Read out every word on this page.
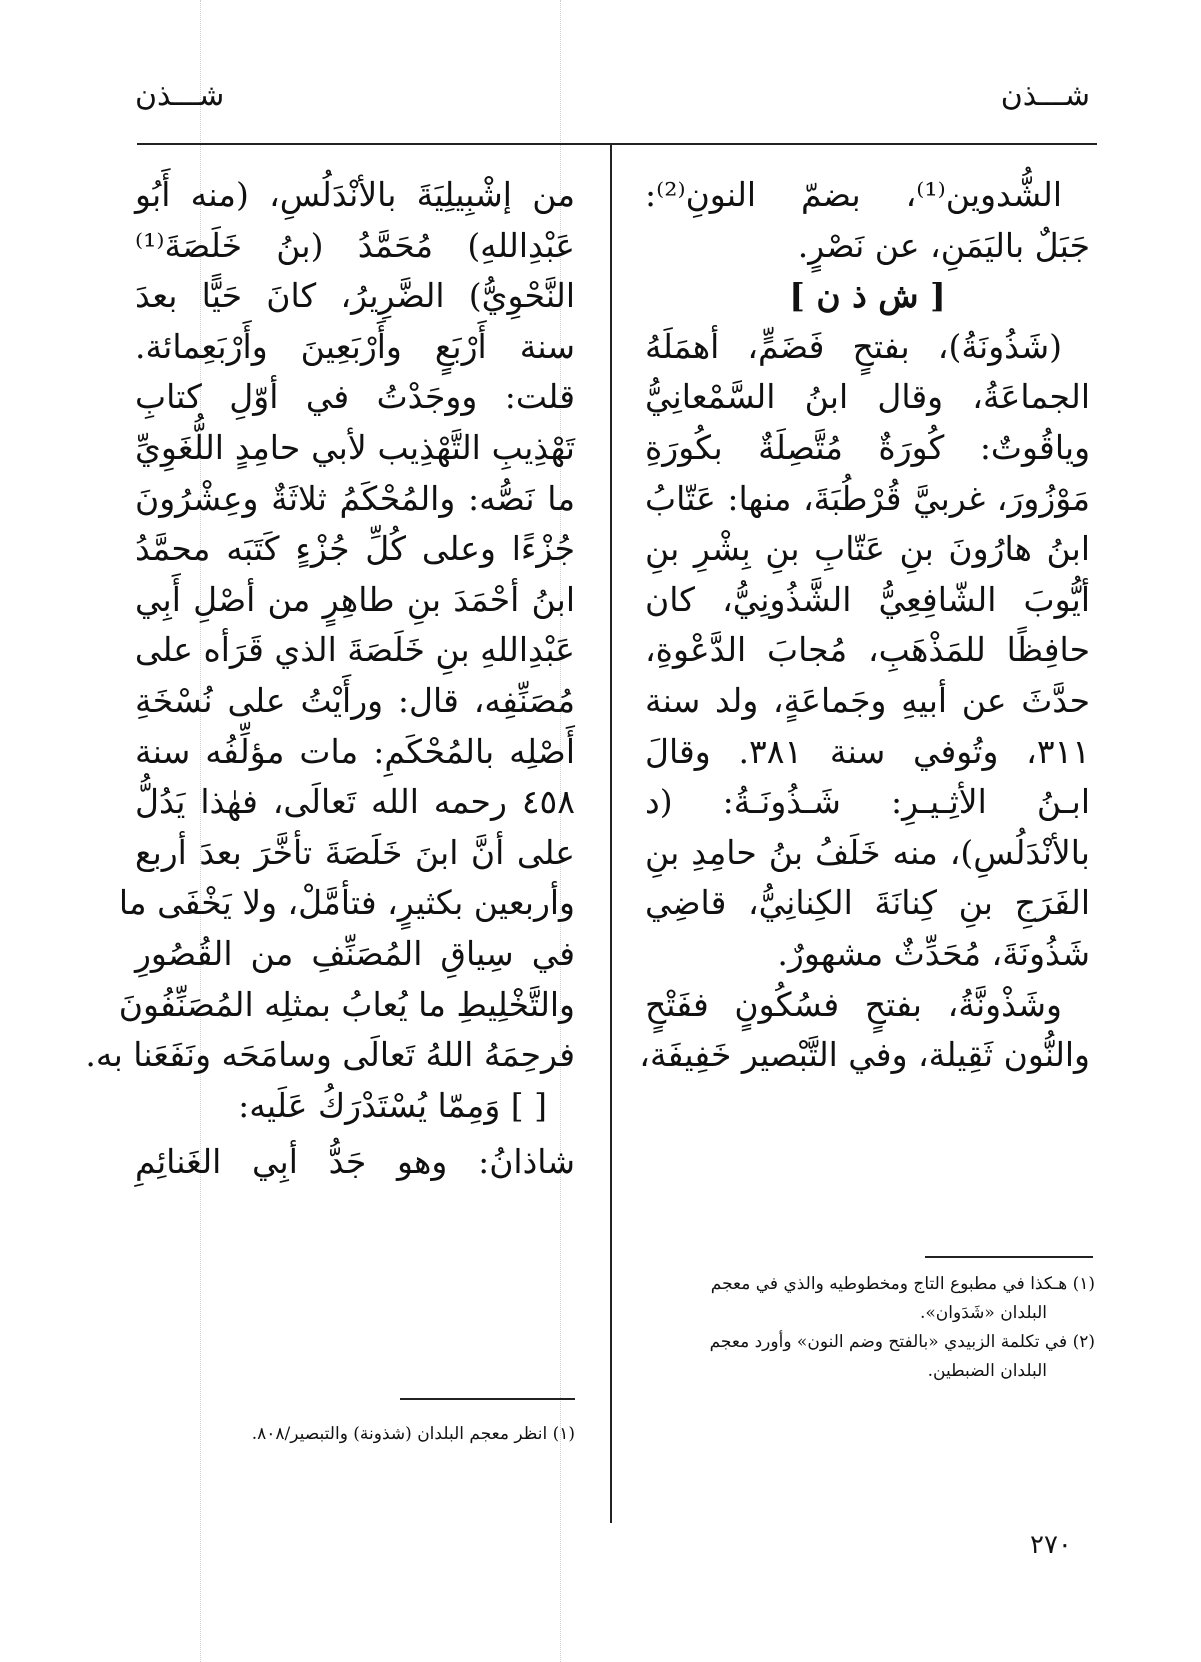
شـــذن
شـــذن
الشُّدوين⁽¹⁾، بضمّ النونِ⁽²⁾:
جَبَلٌ باليَمَنِ، عن نَصْرٍ.
[ ش ذ ن ]
(شَذُونَةُ)، بفتحٍ فَضَمٍّ، أهمَلَهُ
الجماعَةُ، وقال ابنُ السَّمْعانِيُّ
وياقُوتٌ: كُورَةٌ مُتَّصِلَةٌ بكُورَةِ
مَوْزُورَ، غربيَّ قُرْطُبَةَ، منها: عَتّابُ
ابنُ هارُونَ بنِ عَتّابِ بنِ بِشْرِ بنِ
أيُّوبَ الشّافِعِيُّ الشَّذُونِيُّ، كان
حافِظًا للمَذْهَبِ، مُجابَ الدَّعْوةِ،
حدَّثَ عن أبيهِ وجَماعَةٍ، ولد سنة
٣١١، وتُوفي سنة ٣٨١. وقالَ
ابـنُ الأثِـيـرِ: شَـذُونَـةُ: (د
بالأنْدَلُسِ)، منه خَلَفُ بنُ حامِدِ بنِ
الفَرَجِ بنِ كِنانَةَ الكِنانِيُّ، قاضِي
شَذُونَةَ، مُحَدِّثٌ مشهورٌ.
وشَذْونَّةُ، بفتحٍ فسُكُونٍ ففَتْحٍ
والنُّون ثَقِيلة، وفي التَّبْصير خَفِيفَة،
من إشْبِيلِيَةَ بالأنْدَلُسِ، (منه أَبُو
عَبْدِاللهِ) مُحَمَّدُ (بنُ خَلَصَةَ⁽¹⁾
النَّحْوِيُّ) الضَّرِيرُ، كانَ حَيًّا بعدَ
سنة أَرْبَعٍ وأَرْبَعِينَ وأَرْبَعِمائة.
قلت: ووجَدْتُ في أوّلِ كتابِ
تَهْذِيبِ التَّهْذِيب لأبي حامِدٍ اللُّغَوِيِّ
ما نَصُّه: والمُحْكَمُ ثلاثَةٌ وعِشْرُونَ
جُزْءًا وعلى كُلِّ جُزْءٍ كَتَبَه محمَّدُ
ابنُ أحْمَدَ بنِ طاهِرٍ من أصْلِ أَبِي
عَبْدِاللهِ بنِ خَلَصَةَ الذي قَرَأه على
مُصَنِّفِه، قال: ورأَيْتُ على نُسْخَةِ
أَصْلِه بالمُحْكَمِ: مات مؤلِّفُه سنة
٤٥٨ رحمه الله تَعالَى، فهٰذا يَدُلُّ
على أنَّ ابنَ خَلَصَةَ تأخَّرَ بعدَ أربع
وأربعين بكثيرٍ، فتأمَّلْ، ولا يَخْفَى ما
في سِياقِ المُصَنِّفِ من القُصُورِ
والتَّخْلِيطِ ما يُعابُ بمثلِه المُصَنِّفُونَ
فرحِمَهُ اللهُ تَعالَى وسامَحَه ونَفَعَنا به.
[ ] وَمِمّا يُسْتَدْرَكُ عَلَيه:
شاذانُ: وهو جَدُّ أبِي الغَنائِمِ
(١) هـكذا في مطبوع التاج ومخطوطيه والذي في معجم
البلدان «شَدَوان».
(٢) في تكلمة الزبيدي «بالفتح وضم النون» وأورد معجم
البلدان الضبطين.
(١) انظر معجم البلدان (شذونة) والتبصير/٨٠٨.
٢٧٠
